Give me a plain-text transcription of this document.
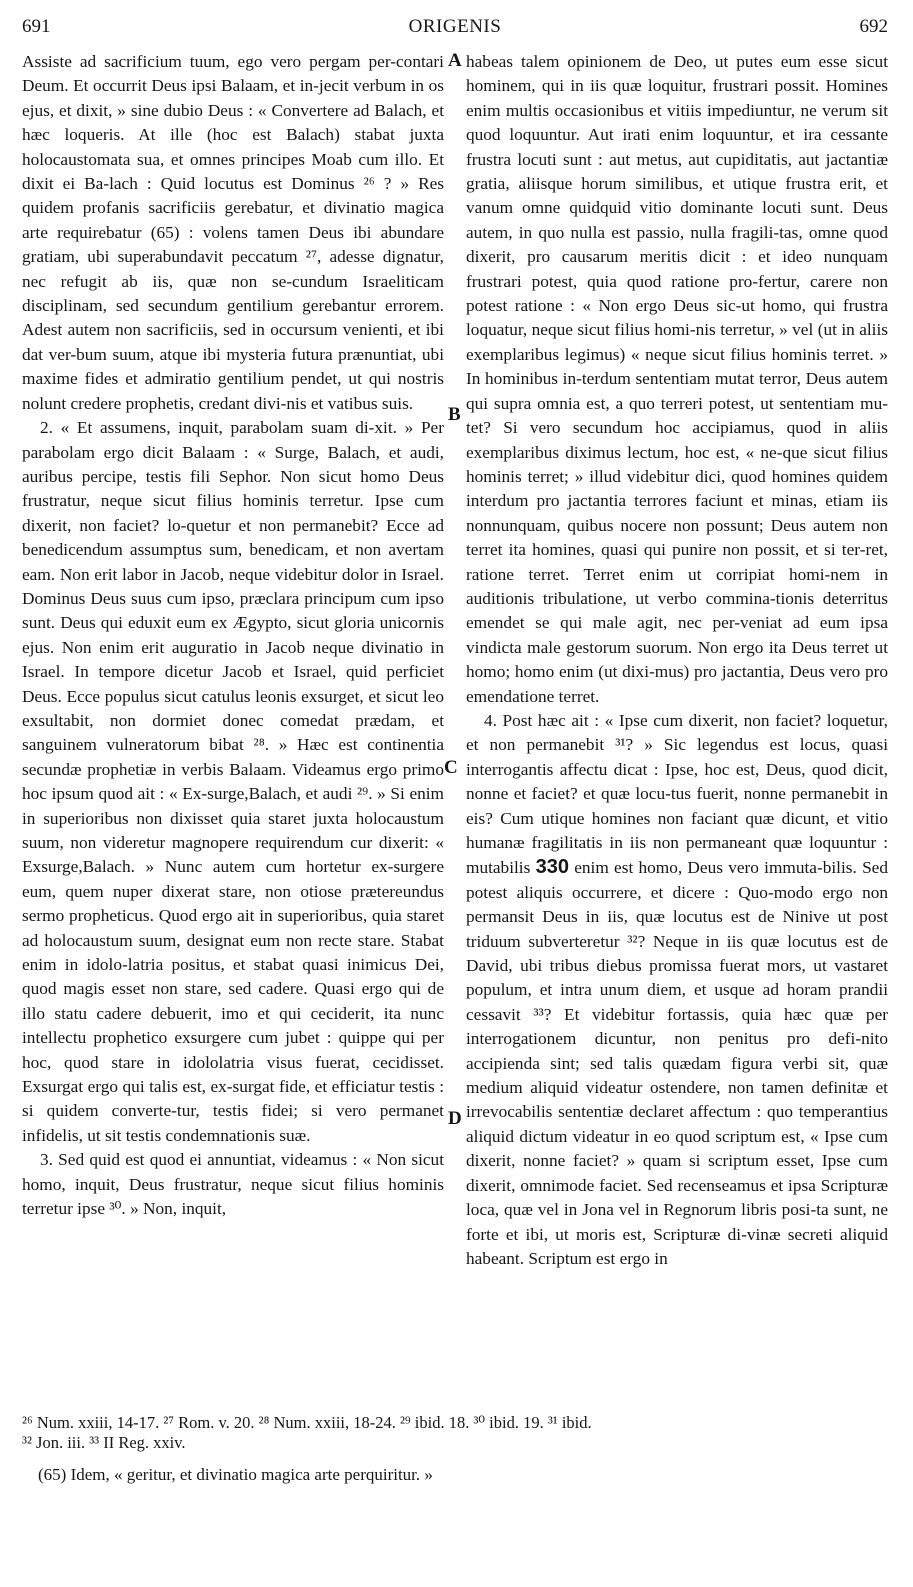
691	ORIGENIS	692
A
B
C
D

Assiste ad sacrificium tuum, ego vero pergam per-contari Deum. Et occurrit Deus ipsi Balaam, et in-jecit verbum in os ejus, et dixit, » sine dubio Deus : « Convertere ad Balach, et hæc loqueris. At ille (hoc est Balach) stabat juxta holocaustomata sua, et omnes principes Moab cum illo. Et dixit ei Ba-lach : Quid locutus est Dominus ²⁶ ? » Res quidem profanis sacrificiis gerebatur, et divinatio magica arte requirebatur (65) : volens tamen Deus ibi abundare gratiam, ubi superabundavit peccatum ²⁷, adesse dignatur, nec refugit ab iis, quæ non se-cundum Israeliticam disciplinam, sed secundum gentilium gerebantur errorem. Adest autem non sacrificiis, sed in occursum venienti, et ibi dat ver-bum suum, atque ibi mysteria futura prænuntiat, ubi maxime fides et admiratio gentilium pendet, ut qui nostris nolunt credere prophetis, credant divi-nis et vatibus suis.

2. « Et assumens, inquit, parabolam suam di-xit. » Per parabolam ergo dicit Balaam : « Surge, Balach, et audi, auribus percipe, testis fili Sephor. Non sicut homo Deus frustratur, neque sicut filius hominis terretur. Ipse cum dixerit, non faciet? lo-quetur et non permanebit? Ecce ad benedicendum assumptus sum, benedicam, et non avertam eam. Non erit labor in Jacob, neque videbitur dolor in Israel. Dominus Deus suus cum ipso, præclara principum cum ipso sunt. Deus qui eduxit eum ex Ægypto, sicut gloria unicornis ejus. Non enim erit auguratio in Jacob neque divinatio in Israel. In tempore dicetur Jacob et Israel, quid perficiet Deus. Ecce populus sicut catulus leonis exsurget, et sicut leo exsultabit, non dormiet donec comedat prædam, et sanguinem vulneratorum bibat ²⁸. » Hæc est continentia secundæ prophetiæ in verbis Balaam. Videamus ergo primo hoc ipsum quod ait : « Ex-surge,Balach, et audi ²⁹. » Si enim in superioribus non dixisset quia staret juxta holocaustum suum, non videretur magnopere requirendum cur dixerit: « Exsurge,Balach. » Nunc autem cum hortetur ex-surgere eum, quem nuper dixerat stare, non otiose prætereundus sermo propheticus. Quod ergo ait in superioribus, quia staret ad holocaustum suum, designat eum non recte stare. Stabat enim in idolo-latria positus, et stabat quasi inimicus Dei, quod magis esset non stare, sed cadere. Quasi ergo qui de illo statu cadere debuerit, imo et qui ceciderit, ita nunc intellectu prophetico exsurgere cum jubet : quippe qui per hoc, quod stare in idololatria visus fuerat, cecidisset. Exsurgat ergo qui talis est, ex-surgat fide, et efficiatur testis : si quidem converte-tur, testis fidei; si vero permanet infidelis, ut sit testis condemnationis suæ.

3. Sed quid est quod ei annuntiat, videamus : « Non sicut homo, inquit, Deus frustratur, neque sicut filius hominis terretur ipse ³⁰. » Non, inquit,

habeas talem opinionem de Deo, ut putes eum esse sicut hominem, qui in iis quæ loquitur, frustrari possit. Homines enim multis occasionibus et vitiis impediuntur, ne verum sit quod loquuntur. Aut irati enim loquuntur, et ira cessante frustra locuti sunt : aut metus, aut cupiditatis, aut jactantiæ gratia, aliisque horum similibus, et utique frustra erit, et vanum omne quidquid vitio dominante locuti sunt. Deus autem, in quo nulla est passio, nulla fragili-tas, omne quod dixerit, pro causarum meritis dicit : et ideo nunquam frustrari potest, quia quod ratione pro-fertur, carere non potest ratione : « Non ergo Deus sic-ut homo, qui frustra loquatur, neque sicut filius homi-nis terretur, » vel (ut in aliis exemplaribus legimus) « neque sicut filius hominis terret. » In hominibus in-terdum sententiam mutat terror, Deus autem qui supra omnia est, a quo terreri potest, ut sententiam mu-tet? Si vero secundum hoc accipiamus, quod in aliis exemplaribus diximus lectum, hoc est, « ne-que sicut filius hominis terret; » illud videbitur dici, quod homines quidem interdum pro jactantia terrores faciunt et minas, etiam iis nonnunquam, quibus nocere non possunt; Deus autem non terret ita homines, quasi qui punire non possit, et si ter-ret, ratione terret. Terret enim ut corripiat homi-nem in auditionis tribulatione, ut verbo commina-tionis deterritus emendet se qui male agit, nec per-veniat ad eum ipsa vindicta male gestorum suorum. Non ergo ita Deus terret ut homo; homo enim (ut dixi-mus) pro jactantia, Deus vero pro emendatione terret.

4. Post hæc ait : « Ipse cum dixerit, non faciet? loquetur, et non permanebit ³¹? » Sic legendus est locus, quasi interrogantis affectu dicat : Ipse, hoc est, Deus, quod dicit, nonne et faciet? et quæ locu-tus fuerit, nonne permanebit in eis? Cum utique homines non faciant quæ dicunt, et vitio humanæ fragilitatis in iis non permaneant quæ loquuntur : mutabilis 330 enim est homo, Deus vero immuta-bilis. Sed potest aliquis occurrere, et dicere : Quo-modo ergo non permansit Deus in iis, quæ locutus est de Ninive ut post triduum subverteretur ³²? Neque in iis quæ locutus est de David, ubi tribus diebus promissa fuerat mors, ut vastaret populum, et intra unum diem, et usque ad horam prandii cessavit ³³? Et videbitur fortassis, quia hæc quæ per interrogationem dicuntur, non penitus pro defi-nito accipienda sint; sed talis quædam figura verbi sit, quæ medium aliquid videatur ostendere, non tamen definitæ et irrevocabilis sententiæ declaret affectum : quo temperantius aliquid dictum videatur in eo quod scriptum est, « Ipse cum dixerit, nonne faciet? » quam si scriptum esset, Ipse cum dixerit, omnimode faciet. Sed recenseamus et ipsa Scripturæ loca, quæ vel in Jona vel in Regnorum libris posi-ta sunt, ne forte et ibi, ut moris est, Scripturæ di-vinæ secreti aliquid habeant. Scriptum est ergo in

²⁶ Num. xxiii, 14-17. ²⁷ Rom. v. 20. ²⁸ Num. xxiii, 18-24. ²⁹ ibid. 18. ³⁰ ibid. 19. ³¹ ibid.
³² Jon. iii. ³³ II Reg. xxiv.
(65) Idem, « geritur, et divinatio magica arte perquiritur. »
